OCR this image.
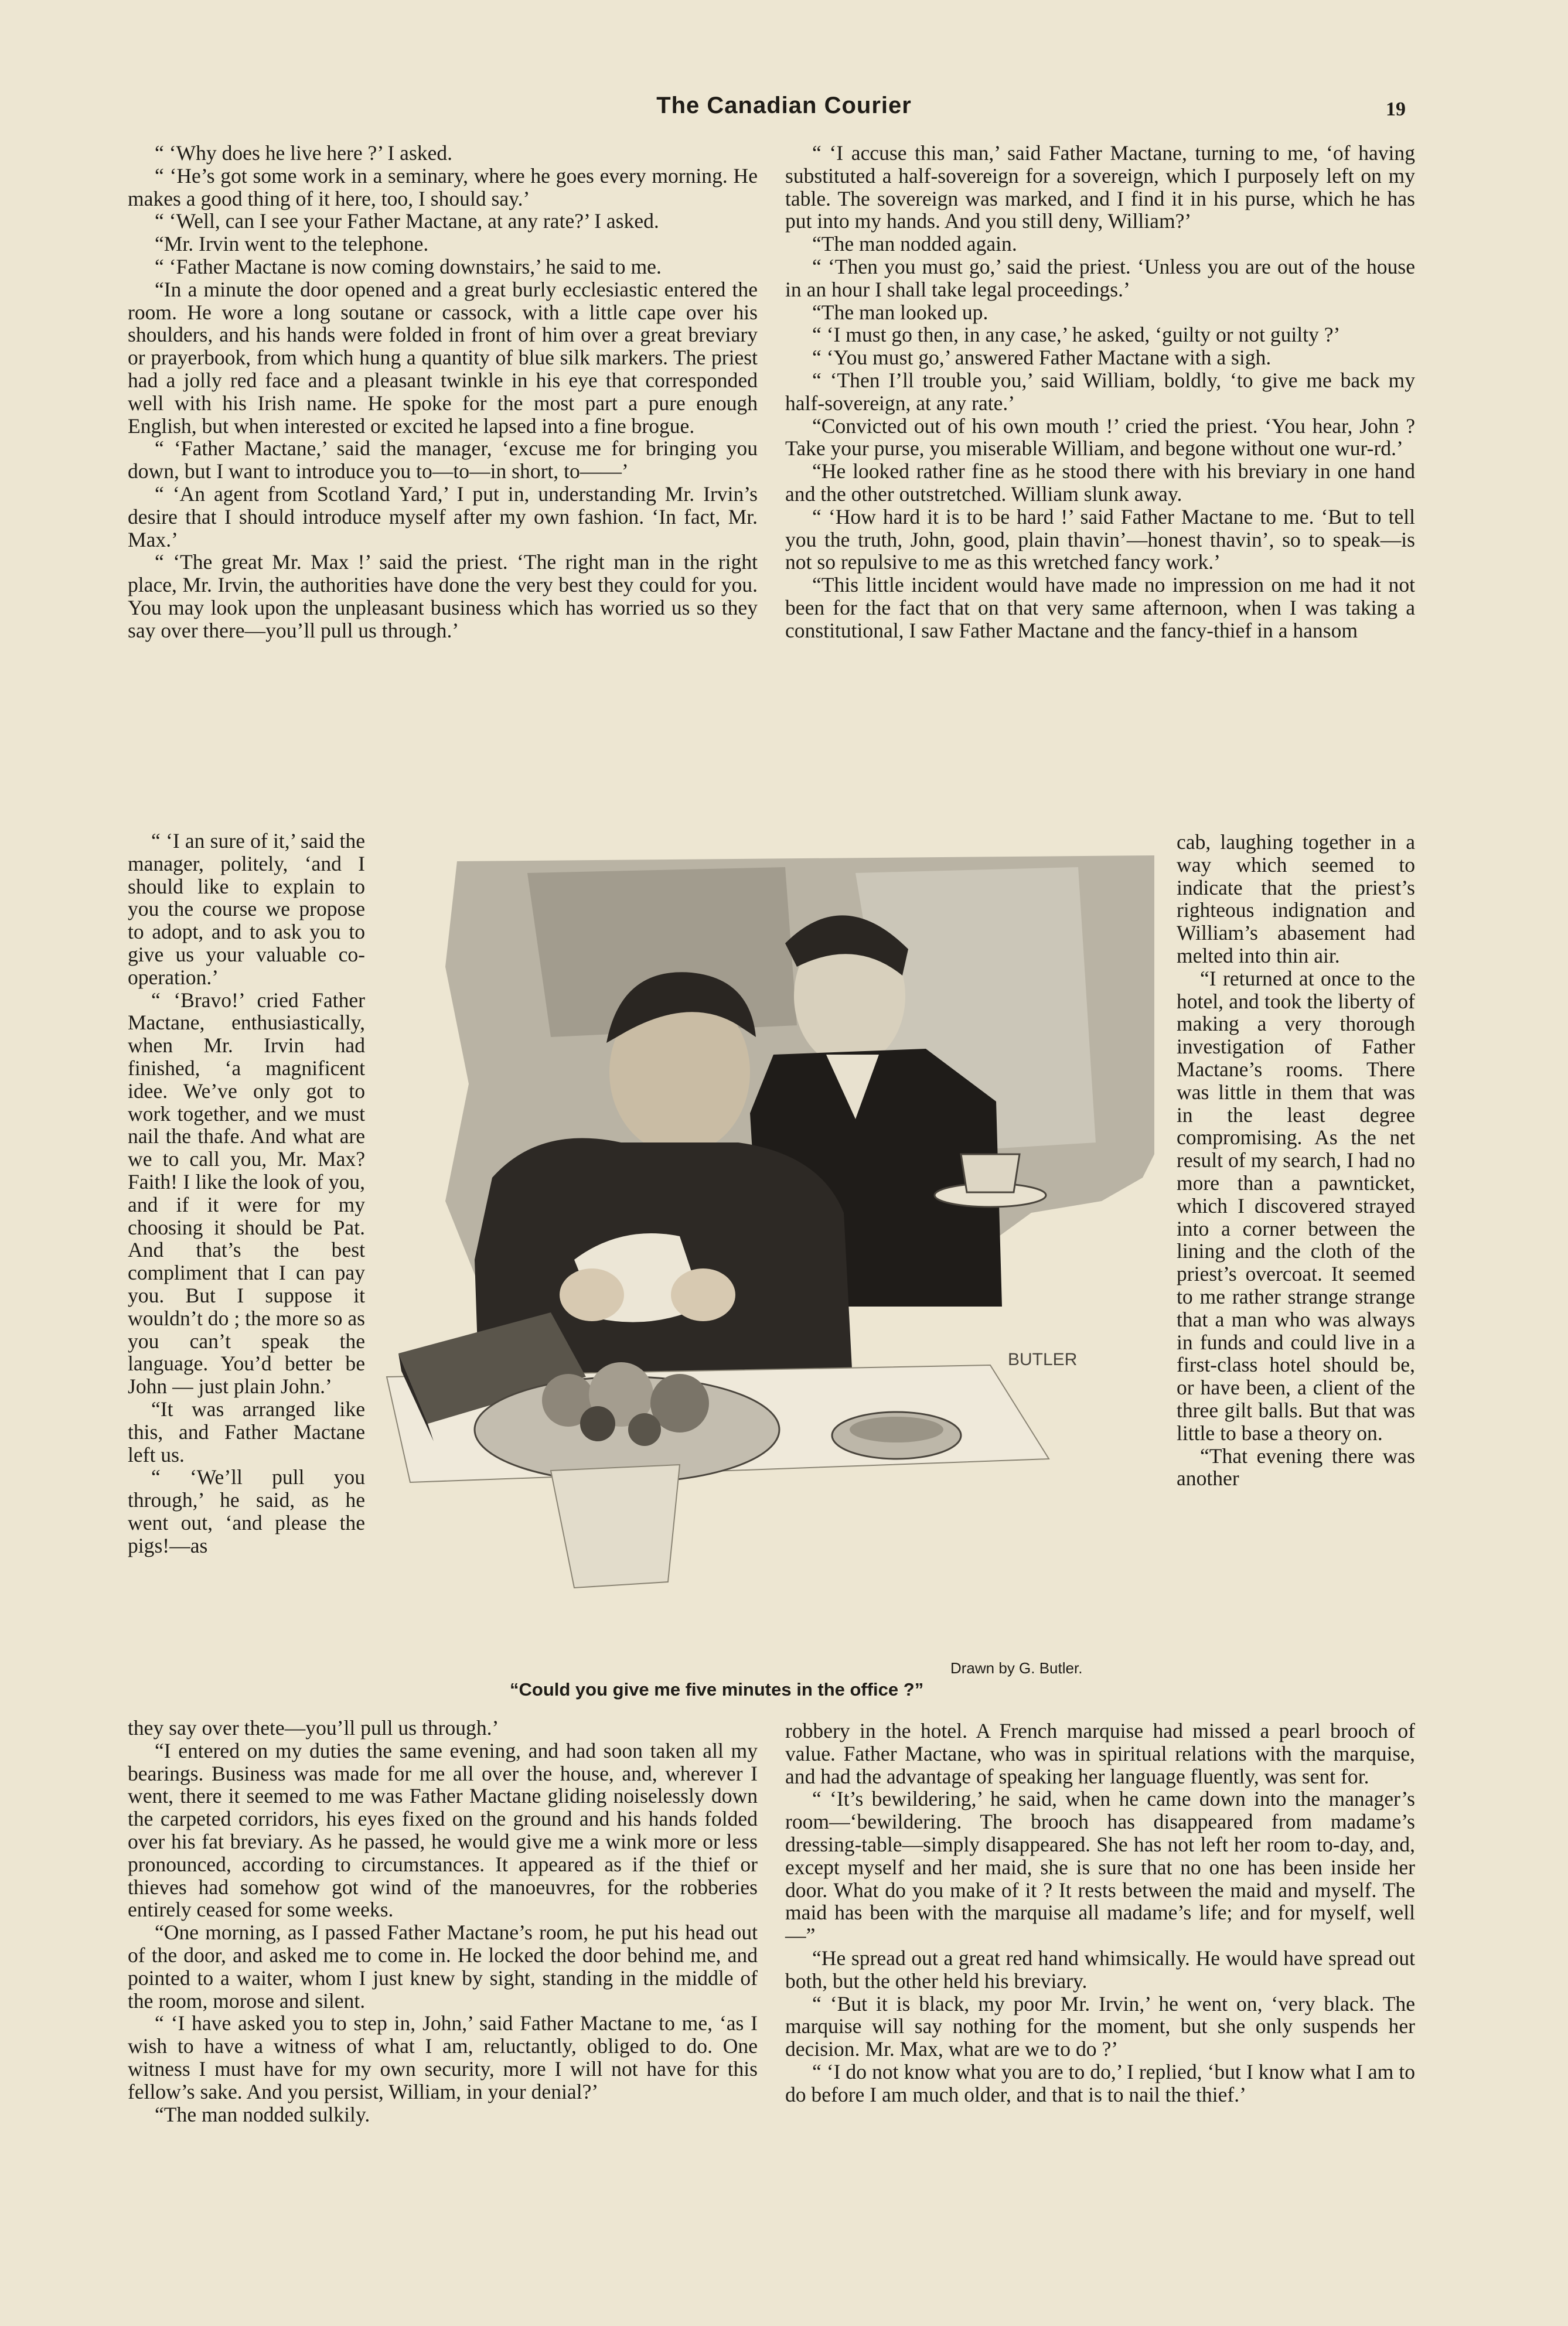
The Canadian Courier	19

“ ‘Why does he live here ?’ I asked.

“ ‘He’s got some work in a seminary, where he goes every morning. He makes a good thing of it here, too, I should say.’

“ ‘Well, can I see your Father Mactane, at any rate?’ I asked.

“Mr. Irvin went to the telephone.

“ ‘Father Mactane is now coming downstairs,’ he said to me.

“In a minute the door opened and a great burly ecclesiastic entered the room. He wore a long soutane or cassock, with a little cape over his shoulders, and his hands were folded in front of him over a great breviary or prayerbook, from which hung a quantity of blue silk markers. The priest had a jolly red face and a pleasant twinkle in his eye that corresponded well with his Irish name. He spoke for the most part a pure enough English, but when interested or excited he lapsed into a fine brogue.

“ ‘Father Mactane,’ said the manager, ‘excuse me for bringing you down, but I want to introduce you to—to—in short, to——’

“ ‘An agent from Scotland Yard,’ I put in, understanding Mr. Irvin’s desire that I should introduce myself after my own fashion. ‘In fact, Mr. Max.’

“ ‘The great Mr. Max !’ said the priest. ‘The right man in the right place, Mr. Irvin, the authorities have done the very best they could for you. You may look upon the unpleasant business which has worried us so they say over there—you’ll pull us through.’

“ ‘I an sure of it,’ said the manager, politely, ‘and I should like to explain to you the course we propose to adopt, and to ask you to give us your valuable co-operation.’

“ ‘Bravo!’ cried Father Mactane, enthusiastically, when Mr. Irvin had finished, ‘a magnificent idee. We’ve only got to work together, and we must nail the thafe. And what are we to call you, Mr. Max? Faith! I like the look of you, and if it were for my choosing it should be Pat. And that’s the best compliment that I can pay you. But I suppose it wouldn’t do ; the more so as you can’t speak the language. You’d better be John — just plain John.’

“It was arranged like this, and Father Mactane left us.

“ ‘We’ll pull you through,’ he said, as he went out, ‘and please the pigs!—as

they say over thete—you’ll pull us through.’

“I entered on my duties the same evening, and had soon taken all my bearings. Business was made for me all over the house, and, wherever I went, there it seemed to me was Father Mactane gliding noiselessly down the carpeted corridors, his eyes fixed on the ground and his hands folded over his fat breviary. As he passed, he would give me a wink more or less pronounced, according to circumstances. It appeared as if the thief or thieves had somehow got wind of the manoeuvres, for the robberies entirely ceased for some weeks.

“One morning, as I passed Father Mactane’s room, he put his head out of the door, and asked me to come in. He locked the door behind me, and pointed to a waiter, whom I just knew by sight, standing in the middle of the room, morose and silent.

“ ‘I have asked you to step in, John,’ said Father Mactane to me, ‘as I wish to have a witness of what I am, reluctantly, obliged to do. One witness I must have for my own security, more I will not have for this fellow’s sake. And you persist, William, in your denial?’

“The man nodded sulkily.

“ ‘I accuse this man,’ said Father Mactane, turning to me, ‘of having substituted a half-sovereign for a sovereign, which I purposely left on my table. The sovereign was marked, and I find it in his purse, which he has put into my hands. And you still deny, William?’

“The man nodded again.

“ ‘Then you must go,’ said the priest. ‘Unless you are out of the house in an hour I shall take legal proceedings.’

“The man looked up.

“ ‘I must go then, in any case,’ he asked, ‘guilty or not guilty ?’

“ ‘You must go,’ answered Father Mactane with a sigh.

“ ‘Then I’ll trouble you,’ said William, boldly, ‘to give me back my half-sovereign, at any rate.’

“Convicted out of his own mouth !’ cried the priest. ‘You hear, John ? Take your purse, you miserable William, and begone without one wur-rd.’

“He looked rather fine as he stood there with his breviary in one hand and the other outstretched. William slunk away.

“ ‘How hard it is to be hard !’ said Father Mactane to me. ‘But to tell you the truth, John, good, plain thavin’—honest thavin’, so to speak—is not so repulsive to me as this wretched fancy work.’

“This little incident would have made no impression on me had it not been for the fact that on that very same afternoon, when I was taking a constitutional, I saw Father Mactane and the fancy-thief in a hansom

cab, laughing together in a way which seemed to indicate that the priest’s righteous indignation and William’s abasement had melted into thin air.

“I returned at once to the hotel, and took the liberty of making a very thorough investigation of Father Mactane’s rooms. There was little in them that was in the least degree compromising. As the net result of my search, I had no more than a pawnticket, which I discovered strayed into a corner between the lining and the cloth of the priest’s overcoat. It seemed to me rather strange strange that a man who was always in funds and could live in a first-class hotel should be, or have been, a client of the three gilt balls. But that was little to base a theory on.

“That evening there was another

robbery in the hotel. A French marquise had missed a pearl brooch of value. Father Mactane, who was in spiritual relations with the marquise, and had the advantage of speaking her language fluently, was sent for.

“ ‘It’s bewildering,’ he said, when he came down into the manager’s room—‘bewildering. The brooch has disappeared from madame’s dressing-table—simply disappeared. She has not left her room to-day, and, except myself and her maid, she is sure that no one has been inside her door. What do you make of it ? It rests between the maid and myself. The maid has been with the marquise all madame’s life; and for myself, well—”

“He spread out a great red hand whimsically. He would have spread out both, but the other held his breviary.

“ ‘But it is black, my poor Mr. Irvin,’ he went on, ‘very black. The marquise will say nothing for the moment, but she only suspends her decision. Mr. Max, what are we to do ?’

“ ‘I do not know what you are to do,’ I replied, ‘but I know what I am to do before I am much older, and that is to nail the thief.’

BUTLER
Drawn by G. Butler.
“Could you give me five minutes in the office ?”
